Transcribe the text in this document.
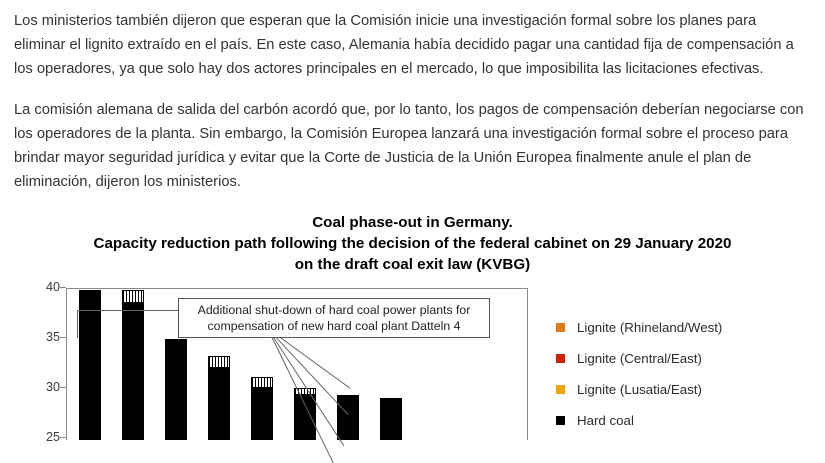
Los ministerios también dijeron que esperan que la Comisión inicie una investigación formal sobre los planes para eliminar el lignito extraído en el país. En este caso, Alemania había decidido pagar una cantidad fija de compensación a los operadores, ya que solo hay dos actores principales en el mercado, lo que imposibilita las licitaciones efectivas.

La comisión alemana de salida del carbón acordó que, por lo tanto, los pagos de compensación deberían negociarse con los operadores de la planta. Sin embargo, la Comisión Europea lanzará una investigación formal sobre el proceso para brindar mayor seguridad jurídica y evitar que la Corte de Justicia de la Unión Europea finalmente anule el plan de eliminación, dijeron los ministerios.

Coal phase-out in Germany.
Capacity reduction path following the decision of the federal cabinet on 29 January 2020
on the draft coal exit law (KVBG)
40
35
30
25
Additional shut-down of hard coal power plants for compensation of new hard coal plant Datteln 4	Lignite (Rhineland/West)
Lignite (Central/East)
Lignite (Lusatia/East)
Hard coal
